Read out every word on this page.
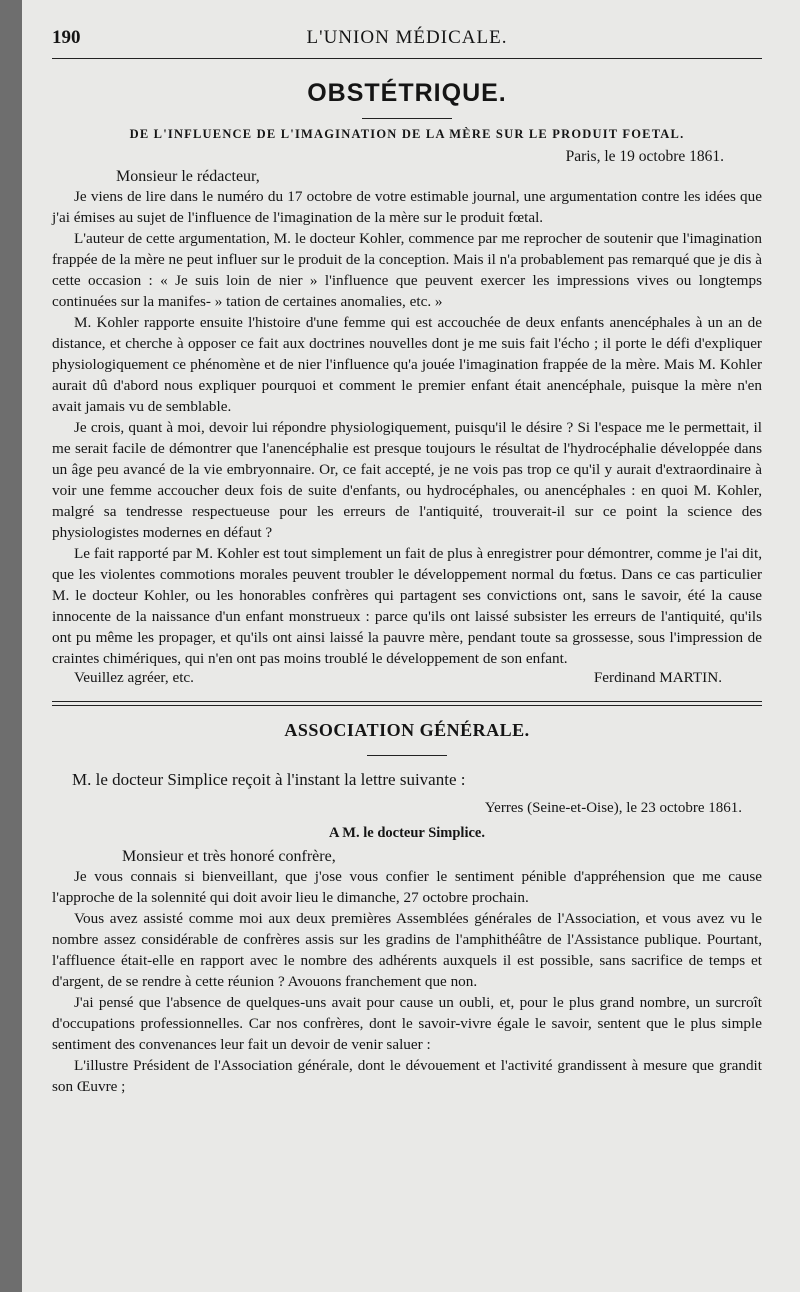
190	L'UNION MÉDICALE.
OBSTÉTRIQUE.
DE L'INFLUENCE DE L'IMAGINATION DE LA MÈRE SUR LE PRODUIT FOETAL.
Paris, le 19 octobre 1861.
Monsieur le rédacteur,

Je viens de lire dans le numéro du 17 octobre de votre estimable journal, une argumentation contre les idées que j'ai émises au sujet de l'influence de l'imagination de la mère sur le produit fœtal.

L'auteur de cette argumentation, M. le docteur Kohler, commence par me reprocher de soutenir que l'imagination frappée de la mère ne peut influer sur le produit de la conception. Mais il n'a probablement pas remarqué que je dis à cette occasion : « Je suis loin de nier » l'influence que peuvent exercer les impressions vives ou longtemps continuées sur la manifes- » tation de certaines anomalies, etc. »

M. Kohler rapporte ensuite l'histoire d'une femme qui est accouchée de deux enfants anencéphales à un an de distance, et cherche à opposer ce fait aux doctrines nouvelles dont je me suis fait l'écho ; il porte le défi d'expliquer physiologiquement ce phénomène et de nier l'influence qu'a jouée l'imagination frappée de la mère. Mais M. Kohler aurait dû d'abord nous expliquer pourquoi et comment le premier enfant était anencéphale, puisque la mère n'en avait jamais vu de semblable.

Je crois, quant à moi, devoir lui répondre physiologiquement, puisqu'il le désire ? Si l'espace me le permettait, il me serait facile de démontrer que l'anencéphalie est presque toujours le résultat de l'hydrocéphalie développée dans un âge peu avancé de la vie embryonnaire. Or, ce fait accepté, je ne vois pas trop ce qu'il y aurait d'extraordinaire à voir une femme accoucher deux fois de suite d'enfants, ou hydrocéphales, ou anencéphales : en quoi M. Kohler, malgré sa tendresse respectueuse pour les erreurs de l'antiquité, trouverait-il sur ce point la science des physiologistes modernes en défaut ?

Le fait rapporté par M. Kohler est tout simplement un fait de plus à enregistrer pour démontrer, comme je l'ai dit, que les violentes commotions morales peuvent troubler le développement normal du fœtus. Dans ce cas particulier M. le docteur Kohler, ou les honorables confrères qui partagent ses convictions ont, sans le savoir, été la cause innocente de la naissance d'un enfant monstrueux : parce qu'ils ont laissé subsister les erreurs de l'antiquité, qu'ils ont pu même les propager, et qu'ils ont ainsi laissé la pauvre mère, pendant toute sa grossesse, sous l'impression de craintes chimériques, qui n'en ont pas moins troublé le développement de son enfant.

Veuillez agréer, etc.	Ferdinand MARTIN.
ASSOCIATION GÉNÉRALE.
M. le docteur Simplice reçoit à l'instant la lettre suivante :
Yerres (Seine-et-Oise), le 23 octobre 1861.
A M. le docteur Simplice.
Monsieur et très honoré confrère,

Je vous connais si bienveillant, que j'ose vous confier le sentiment pénible d'appréhension que me cause l'approche de la solennité qui doit avoir lieu le dimanche, 27 octobre prochain.

Vous avez assisté comme moi aux deux premières Assemblées générales de l'Association, et vous avez vu le nombre assez considérable de confrères assis sur les gradins de l'amphithéâtre de l'Assistance publique. Pourtant, l'affluence était-elle en rapport avec le nombre des adhérents auxquels il est possible, sans sacrifice de temps et d'argent, de se rendre à cette réunion ? Avouons franchement que non.

J'ai pensé que l'absence de quelques-uns avait pour cause un oubli, et, pour le plus grand nombre, un surcroît d'occupations professionnelles. Car nos confrères, dont le savoir-vivre égale le savoir, sentent que le plus simple sentiment des convenances leur fait un devoir de venir saluer :

L'illustre Président de l'Association générale, dont le dévouement et l'activité grandissent à mesure que grandit son Œuvre ;
